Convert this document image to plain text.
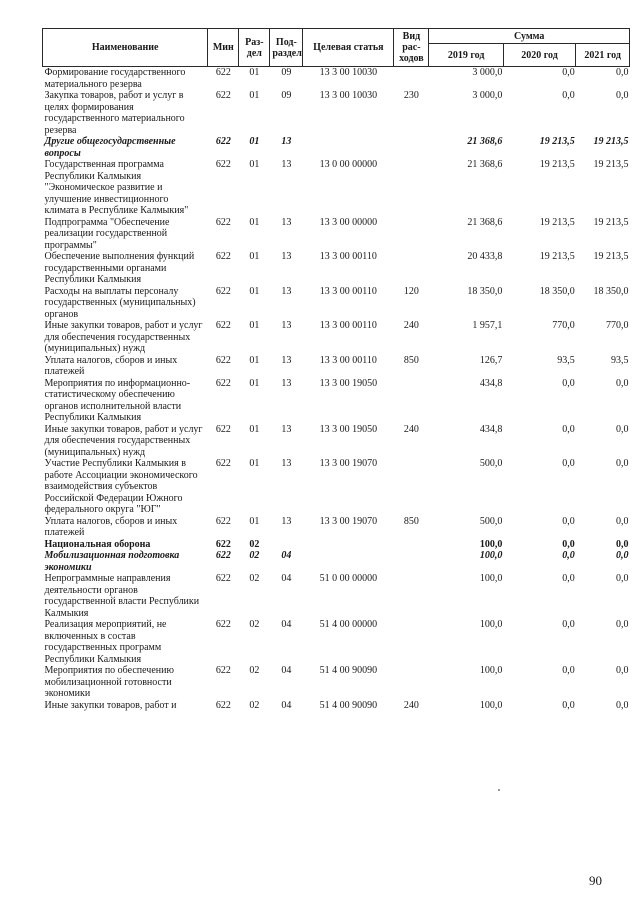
Наименование	Мин	Раз-дел	Под-раздел	Целевая статья	Вид рас-ходов	Сумма		
						2019 год	2020 год	2021 год
Формирование государственного материального резерва	622	01	09	13 3 00 10030		3 000,0	0,0	0,0
Закупка товаров, работ и услуг в целях формирования государственного материального резерва	622	01	09	13 3 00 10030	230	3 000,0	0,0	0,0
Другие общегосударственные вопросы	622	01	13			21 368,6	19 213,5	19 213,5
Государственная программа Республики Калмыкия "Экономическое развитие и улучшение инвестиционного климата в Республике Калмыкия"	622	01	13	13 0 00 00000		21 368,6	19 213,5	19 213,5
Подпрограмма "Обеспечение реализации государственной программы"	622	01	13	13 3 00 00000		21 368,6	19 213,5	19 213,5
Обеспечение выполнения функций государственными органами Республики Калмыкия	622	01	13	13 3 00 00110		20 433,8	19 213,5	19 213,5
Расходы на выплаты персоналу государственных (муниципальных) органов	622	01	13	13 3 00 00110	120	18 350,0	18 350,0	18 350,0
Иные закупки товаров, работ и услуг для обеспечения государственных (муниципальных) нужд	622	01	13	13 3 00 00110	240	1 957,1	770,0	770,0
Уплата налогов, сборов и иных платежей	622	01	13	13 3 00 00110	850	126,7	93,5	93,5
Мероприятия по информационно-статистическому обеспечению органов исполнительной власти Республики Калмыкия	622	01	13	13 3 00 19050		434,8	0,0	0,0
Иные закупки товаров, работ и услуг для обеспечения государственных (муниципальных) нужд	622	01	13	13 3 00 19050	240	434,8	0,0	0,0
Участие Республики Калмыкия в работе Ассоциации экономического взаимодействия субъектов Российской Федерации Южного федерального округа "ЮГ"	622	01	13	13 3 00 19070		500,0	0,0	0,0
Уплата налогов, сборов и иных платежей	622	01	13	13 3 00 19070	850	500,0	0,0	0,0
Национальная оборона	622	02				100,0	0,0	0,0
Мобилизационная подготовка экономики	622	02	04			100,0	0,0	0,0
Непрограммные направления деятельности органов государственной власти Республики Калмыкия	622	02	04	51 0 00 00000		100,0	0,0	0,0
Реализация мероприятий, не включенных в состав государственных программ Республики Калмыкия	622	02	04	51 4 00 00000		100,0	0,0	0,0
Мероприятия по обеспечению мобилизационной готовности экономики	622	02	04	51 4 00 90090		100,0	0,0	0,0
Иные закупки товаров, работ и	622	02	04	51 4 00 90090	240	100,0	0,0	0,0
90
